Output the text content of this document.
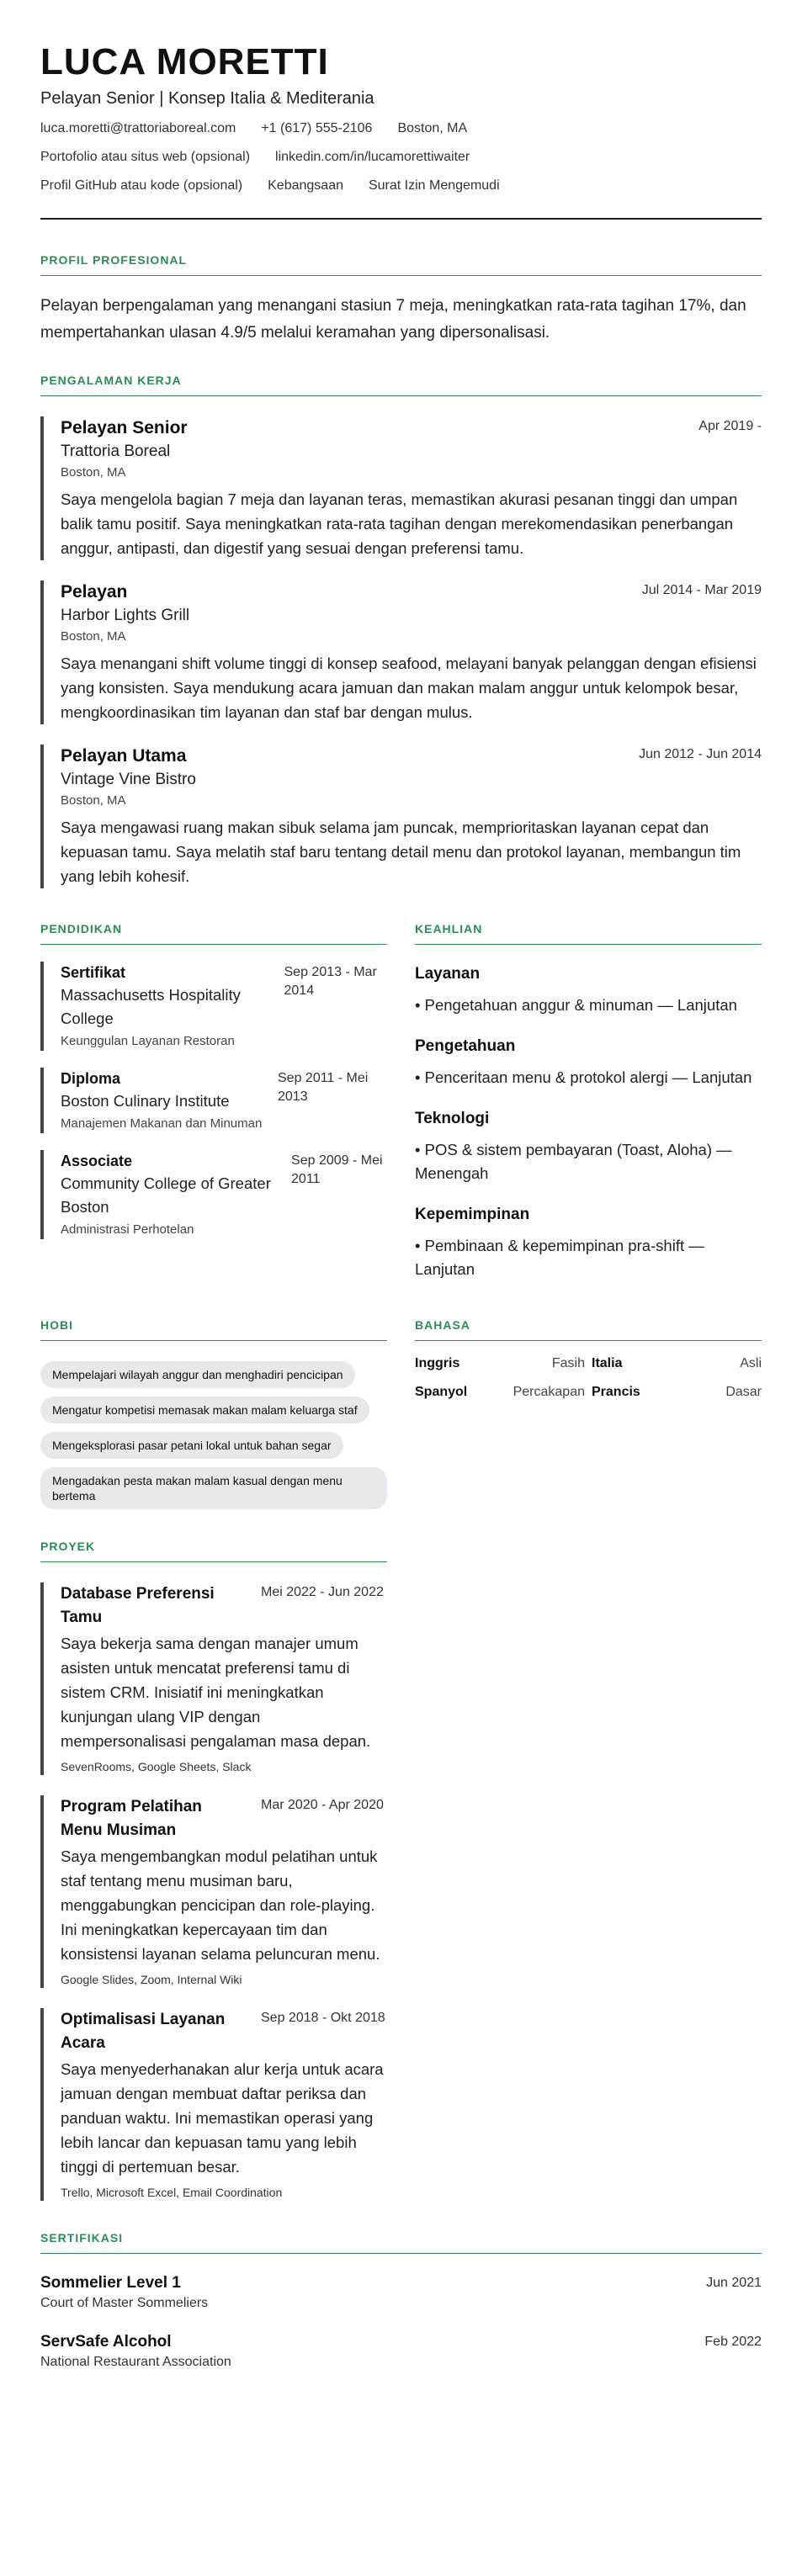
LUCA MORETTI
Pelayan Senior | Konsep Italia & Mediterania
luca.moretti@trattoriaboreal.com +1 (617) 555-2106 Boston, MA
Portofolio atau situs web (opsional) linkedin.com/in/lucamorettiwaiter
Profil GitHub atau kode (opsional) Kebangsaan Surat Izin Mengemudi
PROFIL PROFESIONAL
Pelayan berpengalaman yang menangani stasiun 7 meja, meningkatkan rata-rata tagihan 17%, dan mempertahankan ulasan 4.9/5 melalui keramahan yang dipersonalisasi.
PENGALAMAN KERJA
Pelayan Senior	Apr 2019 -
Trattoria Boreal
Boston, MA
Saya mengelola bagian 7 meja dan layanan teras, memastikan akurasi pesanan tinggi dan umpan balik tamu positif. Saya meningkatkan rata-rata tagihan dengan merekomendasikan penerbangan anggur, antipasti, dan digestif yang sesuai dengan preferensi tamu.
Pelayan	Jul 2014 - Mar 2019
Harbor Lights Grill
Boston, MA
Saya menangani shift volume tinggi di konsep seafood, melayani banyak pelanggan dengan efisiensi yang konsisten. Saya mendukung acara jamuan dan makan malam anggur untuk kelompok besar, mengkoordinasikan tim layanan dan staf bar dengan mulus.
Pelayan Utama	Jun 2012 - Jun 2014
Vintage Vine Bistro
Boston, MA
Saya mengawasi ruang makan sibuk selama jam puncak, memprioritaskan layanan cepat dan kepuasan tamu. Saya melatih staf baru tentang detail menu dan protokol layanan, membangun tim yang lebih kohesif.
PENDIDIKAN
Sertifikat
Massachusetts Hospitality College
Sep 2013 - Mar 2014
Keunggulan Layanan Restoran
Diploma
Boston Culinary Institute
Sep 2011 - Mei 2013
Manajemen Makanan dan Minuman
Associate
Community College of Greater Boston
Sep 2009 - Mei 2011
Administrasi Perhotelan
KEAHLIAN
Layanan
• Pengetahuan anggur & minuman — Lanjutan
Pengetahuan
• Penceritaan menu & protokol alergi — Lanjutan
Teknologi
• POS & sistem pembayaran (Toast, Aloha) — Menengah
Kepemimpinan
• Pembinaan & kepemimpinan pra-shift — Lanjutan
HOBI
Mempelajari wilayah anggur dan menghadiri pencicipan Mengatur kompetisi memasak makan malam keluarga staf Mengeksplorasi pasar petani lokal untuk bahan segar Mengadakan pesta makan malam kasual dengan menu bertema
BAHASA
Inggris	Fasih Italia	Asli
Spanyol	Percakapan Prancis	Dasar
PROYEK
Database Preferensi Tamu
Mei 2022 - Jun 2022
Saya bekerja sama dengan manajer umum asisten untuk mencatat preferensi tamu di sistem CRM. Inisiatif ini meningkatkan kunjungan ulang VIP dengan mempersonalisasi pengalaman masa depan.
SevenRooms, Google Sheets, Slack
Program Pelatihan Menu Musiman
Mar 2020 - Apr 2020
Saya mengembangkan modul pelatihan untuk staf tentang menu musiman baru, menggabungkan pencicipan dan role-playing. Ini meningkatkan kepercayaan tim dan konsistensi layanan selama peluncuran menu.
Google Slides, Zoom, Internal Wiki
Optimalisasi Layanan Acara
Sep 2018 - Okt 2018
Saya menyederhanakan alur kerja untuk acara jamuan dengan membuat daftar periksa dan panduan waktu. Ini memastikan operasi yang lebih lancar dan kepuasan tamu yang lebih tinggi di pertemuan besar.
Trello, Microsoft Excel, Email Coordination
SERTIFIKASI
Sommelier Level 1
Court of Master Sommeliers
Jun 2021
ServSafe Alcohol
National Restaurant Association
Feb 2022
